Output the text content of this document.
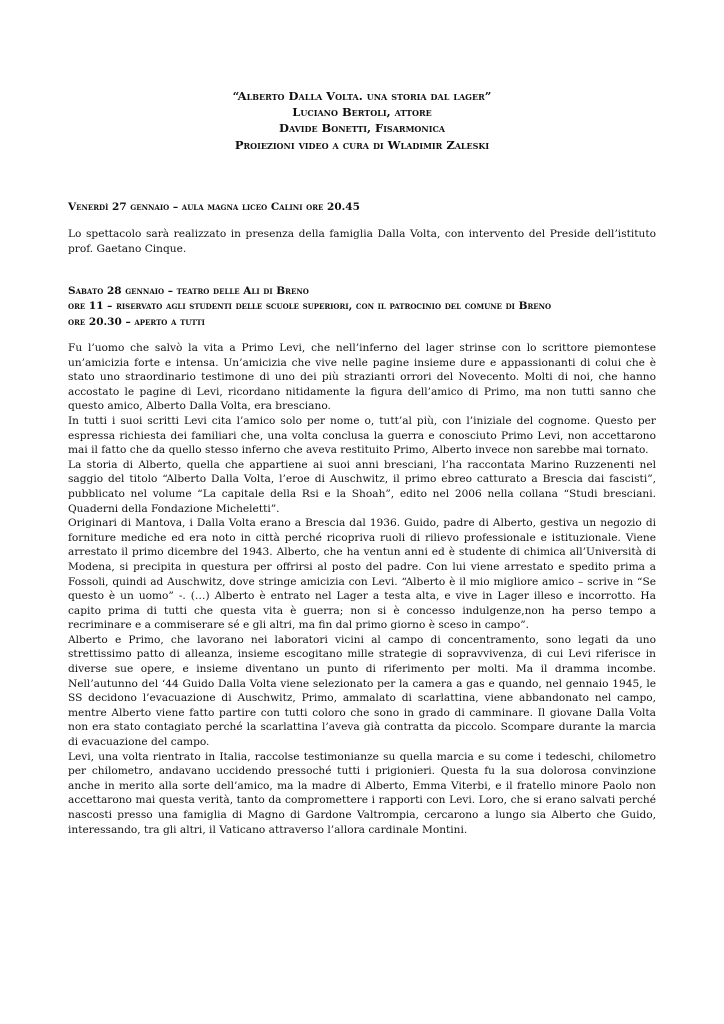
“Alberto Dalla Volta. una storia dal lager”
Luciano Bertoli, attore
Davide Bonetti, Fisarmonica
Proiezioni video a cura di Wladimir Zaleski
Venerdì 27 gennaio – aula magna liceo Calini ore 20.45

Lo spettacolo sarà realizzato in presenza della famiglia Dalla Volta, con intervento del Preside dell’istituto prof. Gaetano Cinque.

Sabato 28 gennaio – teatro delle Ali di Breno
ore 11 – riservato agli studenti delle scuole superiori, con il patrocinio del comune di Breno
ore 20.30 – aperto a tutti

Fu l’uomo che salvò la vita a Primo Levi, che nell’inferno del lager strinse con lo scrittore piemontese un’amicizia forte e intensa. Un’amicizia che vive nelle pagine insieme dure e appassionanti di colui che è stato uno straordinario testimone di uno dei più strazianti orrori del Novecento. Molti di noi, che hanno accostato le pagine di Levi, ricordano nitidamente la figura dell’amico di Primo, ma non tutti sanno che questo amico, Alberto Dalla Volta, era bresciano.

In tutti i suoi scritti Levi cita l’amico solo per nome o, tutt’al più, con l’iniziale del cognome. Questo per espressa richiesta dei familiari che, una volta conclusa la guerra e conosciuto Primo Levi, non accettarono mai il fatto che da quello stesso inferno che aveva restituito Primo, Alberto invece non sarebbe mai tornato.

La storia di Alberto, quella che appartiene ai suoi anni bresciani, l’ha raccontata Marino Ruzzenenti nel saggio del titolo “Alberto Dalla Volta, l’eroe di Auschwitz, il primo ebreo catturato a Brescia dai fascisti”, pubblicato nel volume “La capitale della Rsi e la Shoah”, edito nel 2006 nella collana “Studi bresciani. Quaderni della Fondazione Micheletti”.

Originari di Mantova, i Dalla Volta erano a Brescia dal 1936. Guido, padre di Alberto, gestiva un negozio di forniture mediche ed era noto in città perché ricopriva ruoli di rilievo professionale e istituzionale. Viene arrestato il primo dicembre del 1943. Alberto, che ha ventun anni ed è studente di chimica all’Università di Modena, si precipita in questura per offrirsi al posto del padre. Con lui viene arrestato e spedito prima a Fossoli, quindi ad Auschwitz, dove stringe amicizia con Levi. “Alberto è il mio migliore amico – scrive in “Se questo è un uomo” -. (…) Alberto è entrato nel Lager a testa alta, e vive in Lager illeso e incorrotto. Ha capito prima di tutti che questa vita è guerra; non si è concesso indulgenze,non ha perso tempo a recriminare e a commiserare sé e gli altri, ma fin dal primo giorno è sceso in campo”.

Alberto e Primo, che lavorano nei laboratori vicini al campo di concentramento, sono legati da uno strettissimo patto di alleanza, insieme escogitano mille strategie di sopravvivenza, di cui Levi riferisce in diverse sue opere, e insieme diventano un punto di riferimento per molti. Ma il dramma incombe. Nell’autunno del ‘44 Guido Dalla Volta viene selezionato per la camera a gas e quando, nel gennaio 1945, le SS decidono l’evacuazione di Auschwitz, Primo, ammalato di scarlattina, viene abbandonato nel campo, mentre Alberto viene fatto partire con tutti coloro che sono in grado di camminare. Il giovane Dalla Volta non era stato contagiato perché la scarlattina l’aveva già contratta da piccolo. Scompare durante la marcia di evacuazione del campo.

Levi, una volta rientrato in Italia, raccolse testimonianze su quella marcia e su come i tedeschi, chilometro per chilometro, andavano uccidendo pressoché tutti i prigionieri. Questa fu la sua dolorosa convinzione anche in merito alla sorte dell’amico, ma la madre di Alberto, Emma Viterbi, e il fratello minore Paolo non accettarono mai questa verità, tanto da compromettere i rapporti con Levi. Loro, che si erano salvati perché nascosti presso una famiglia di Magno di Gardone Valtrompia, cercarono a lungo sia Alberto che Guido, interessando, tra gli altri, il Vaticano attraverso l’allora cardinale Montini.
